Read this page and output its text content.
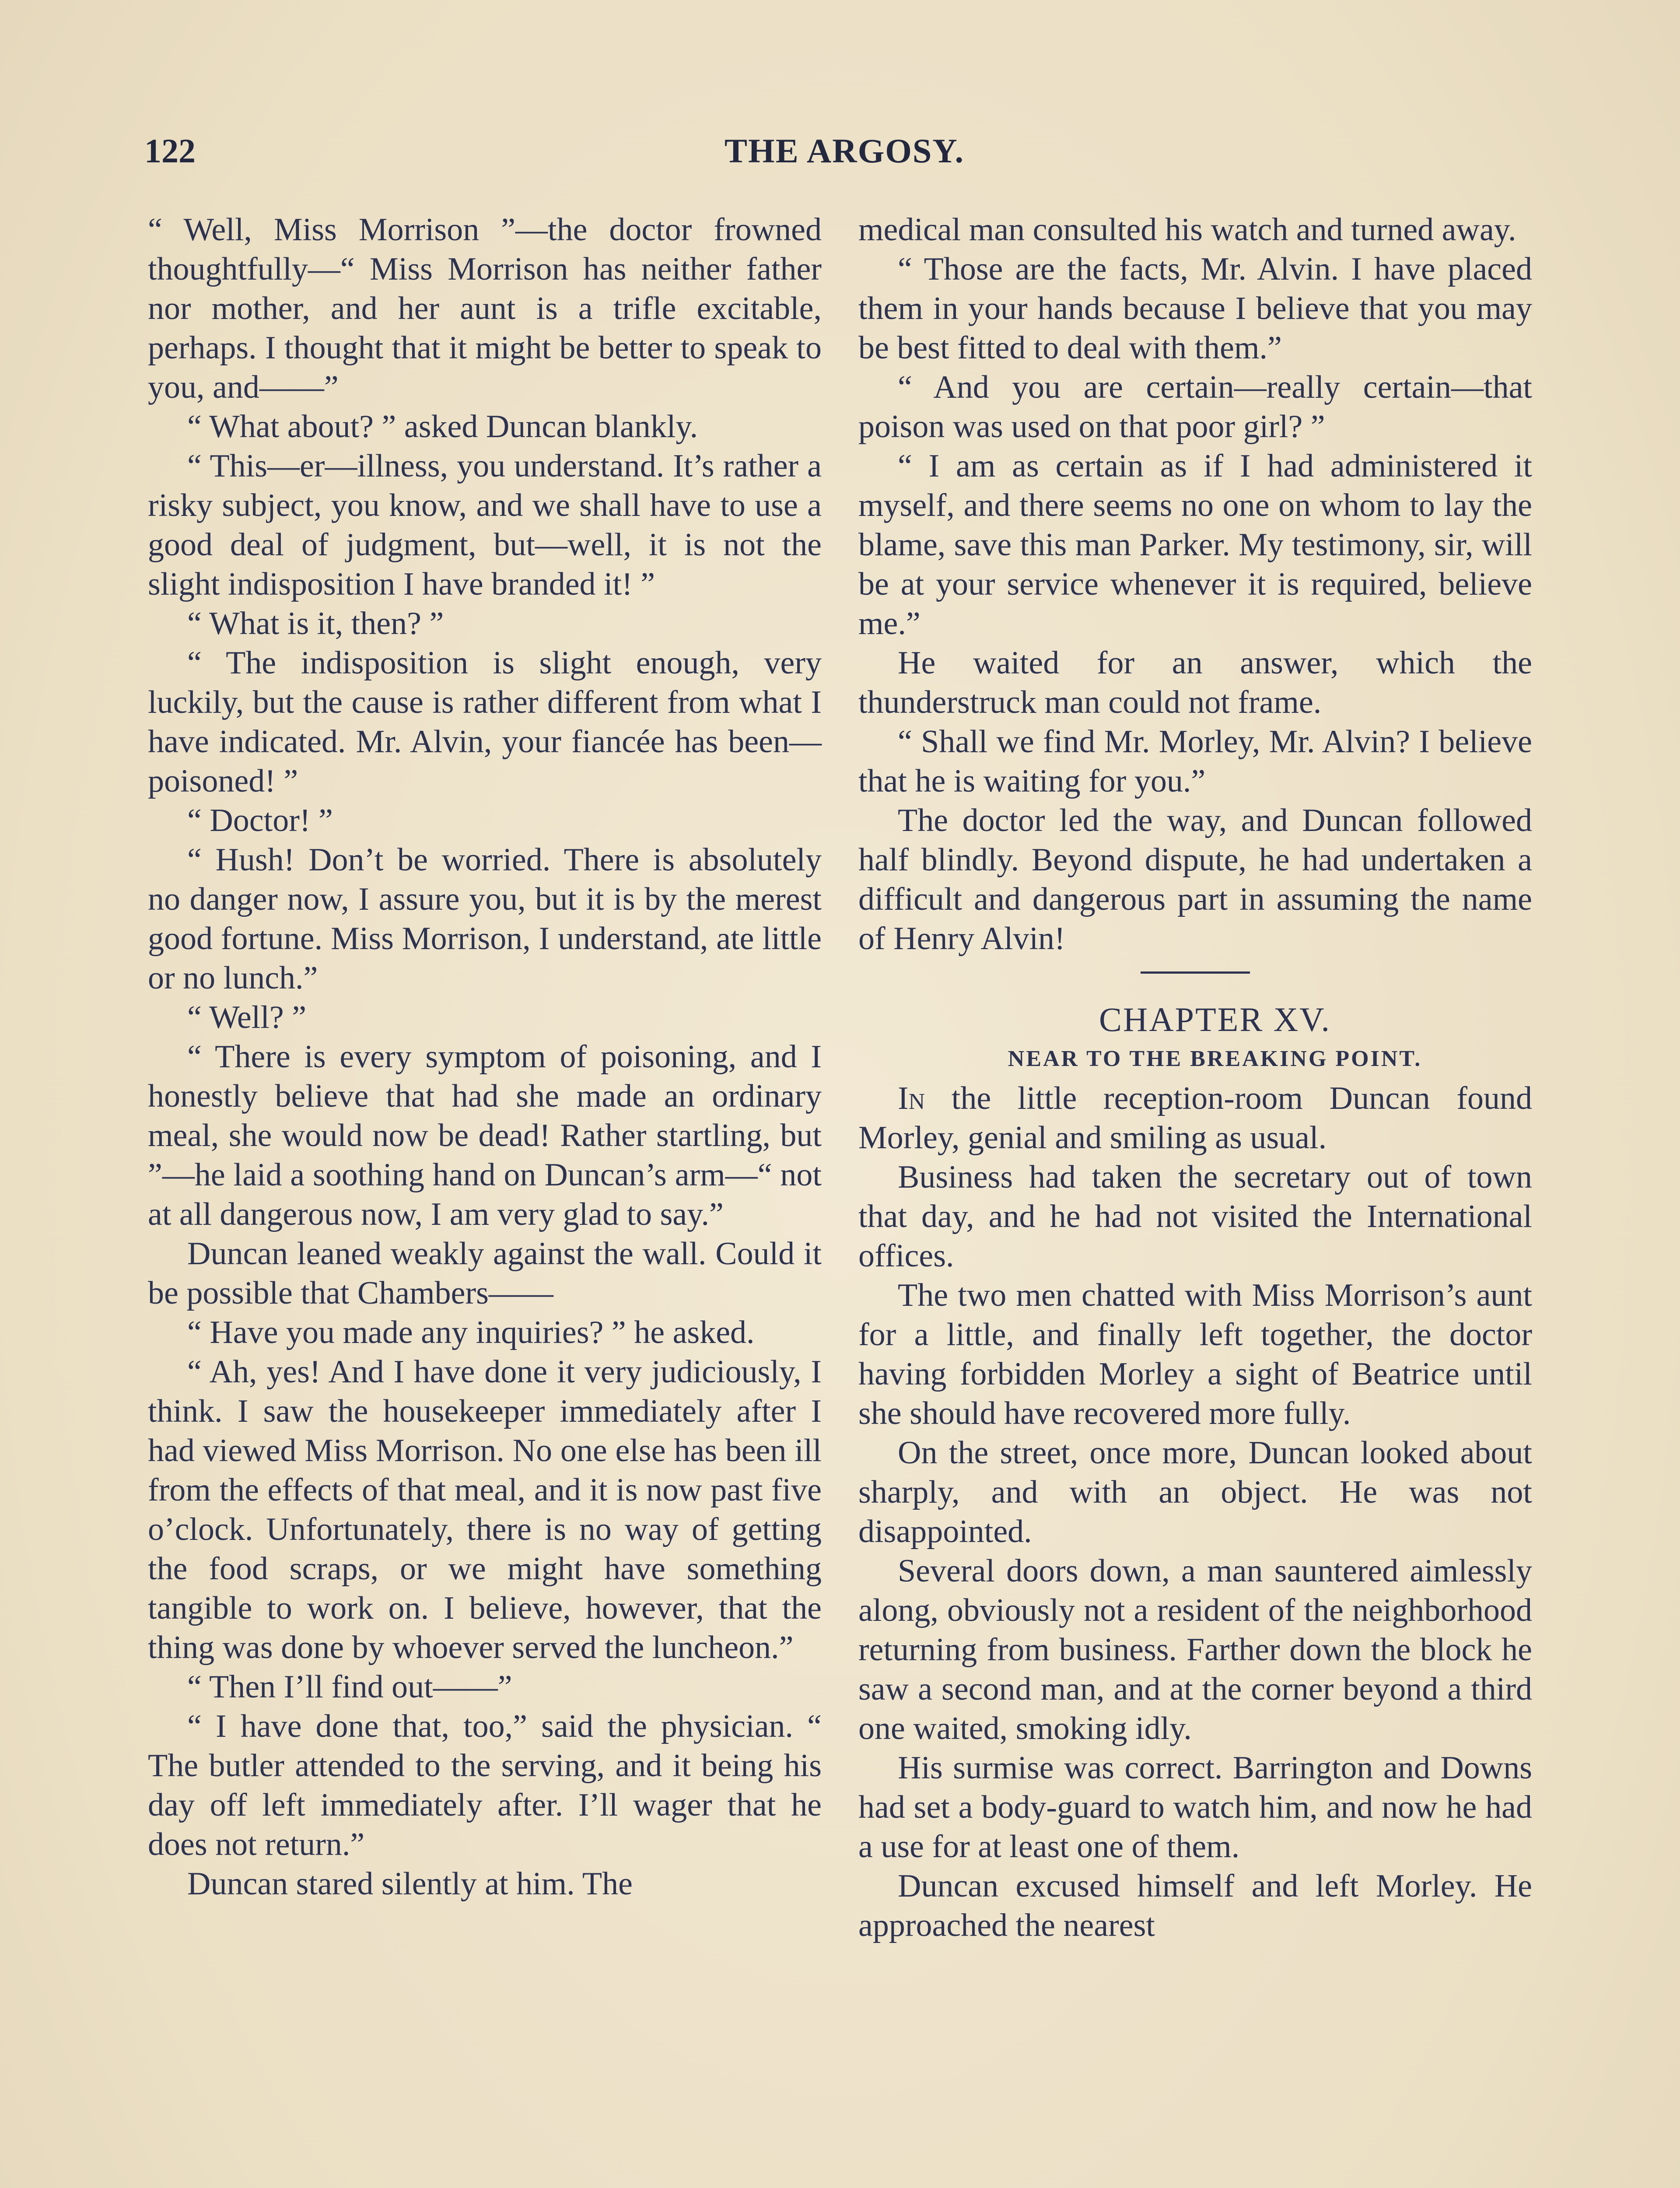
122	THE ARGOSY.

“ Well, Miss Morrison ”—the doctor frowned thoughtfully—“ Miss Morrison has neither father nor mother, and her aunt is a trifle excitable, perhaps. I thought that it might be better to speak to you, and——”

“ What about? ” asked Duncan blankly.

“ This—er—illness, you understand. It’s rather a risky subject, you know, and we shall have to use a good deal of judgment, but—well, it is not the slight indisposition I have branded it! ”

“ What is it, then? ”

“ The indisposition is slight enough, very luckily, but the cause is rather different from what I have indicated. Mr. Alvin, your fiancée has been—poisoned! ”

“ Doctor! ”

“ Hush! Don’t be worried. There is absolutely no danger now, I assure you, but it is by the merest good fortune. Miss Morrison, I understand, ate little or no lunch.”

“ Well? ”

“ There is every symptom of poisoning, and I honestly believe that had she made an ordinary meal, she would now be dead! Rather startling, but ”—he laid a soothing hand on Duncan’s arm—“ not at all dangerous now, I am very glad to say.”

Duncan leaned weakly against the wall. Could it be possible that Chambers——

“ Have you made any inquiries? ” he asked.

“ Ah, yes! And I have done it very judiciously, I think. I saw the housekeeper immediately after I had viewed Miss Morrison. No one else has been ill from the effects of that meal, and it is now past five o’clock. Unfortunately, there is no way of getting the food scraps, or we might have something tangible to work on. I believe, however, that the thing was done by whoever served the luncheon.”

“ Then I’ll find out——”

“ I have done that, too,” said the physician. “ The butler attended to the serving, and it being his day off left immediately after. I’ll wager that he does not return.”

Duncan stared silently at him. The

medical man consulted his watch and turned away.

“ Those are the facts, Mr. Alvin. I have placed them in your hands because I believe that you may be best fitted to deal with them.”

“ And you are certain—really certain—that poison was used on that poor girl? ”

“ I am as certain as if I had administered it myself, and there seems no one on whom to lay the blame, save this man Parker. My testimony, sir, will be at your service whenever it is required, believe me.”

He waited for an answer, which the thunderstruck man could not frame.

“ Shall we find Mr. Morley, Mr. Alvin? I believe that he is waiting for you.”

The doctor led the way, and Duncan followed half blindly. Beyond dispute, he had undertaken a difficult and dangerous part in assuming the name of Henry Alvin!

CHAPTER XV.

NEAR TO THE BREAKING POINT.

In the little reception-room Duncan found Morley, genial and smiling as usual.

Business had taken the secretary out of town that day, and he had not visited the International offices.

The two men chatted with Miss Morrison’s aunt for a little, and finally left together, the doctor having forbidden Morley a sight of Beatrice until she should have recovered more fully.

On the street, once more, Duncan looked about sharply, and with an object. He was not disappointed.

Several doors down, a man sauntered aimlessly along, obviously not a resident of the neighborhood returning from business. Farther down the block he saw a second man, and at the corner beyond a third one waited, smoking idly.

His surmise was correct. Barrington and Downs had set a body-guard to watch him, and now he had a use for at least one of them.

Duncan excused himself and left Morley. He approached the nearest
